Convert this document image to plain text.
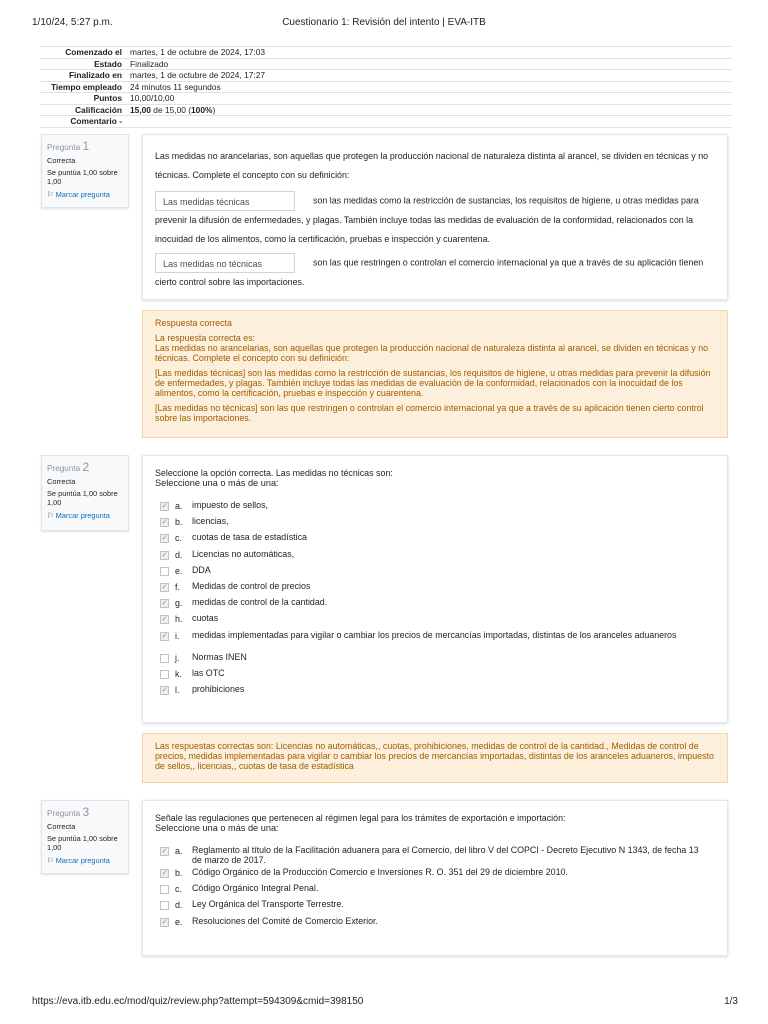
1/10/24, 5:27 p.m.	Cuestionario 1: Revisión del intento | EVA-ITB
Comenzado el	martes, 1 de octubre de 2024, 17:03
Estado	Finalizado
Finalizado en	martes, 1 de octubre de 2024, 17:27
Tiempo empleado	24 minutos 11 segundos
Puntos	10,00/10,00
Calificación	15,00 de 15,00 (100%)
Comentario -	
Pregunta 1
Correcta
Se puntúa 1,00 sobre 1,00
⚐ Marcar pregunta

Las medidas no arancelarias, son aquellas que protegen la producción nacional de naturaleza distinta al arancel, se dividen en técnicas y no técnicas. Complete el concepto con su definición:

Las medidas técnicas	son las medidas como la restricción de sustancias, los requisitos de higiene, u otras medidas para prevenir la difusión de enfermedades, y plagas. También incluye todas las medidas de evaluación de la conformidad, relacionados con la inocuidad de los alimentos, como la certificación, pruebas e inspección y cuarentena.

Las medidas no técnicas	son las que restringen o controlan el comercio internacional ya que a través de su aplicación tienen cierto control sobre las importaciones.

Respuesta correcta

La respuesta correcta es:

Las medidas no arancelarias, son aquellas que protegen la producción nacional de naturaleza distinta al arancel, se dividen en técnicas y no técnicas. Complete el concepto con su definición:

[Las medidas técnicas] son las medidas como la restricción de sustancias, los requisitos de higiene, u otras medidas para prevenir la difusión de enfermedades, y plagas. También incluye todas las medidas de evaluación de la conformidad, relacionados con la inocuidad de los alimentos, como la certificación, pruebas e inspección y cuarentena.

[Las medidas no técnicas] son las que restringen o controlan el comercio internacional ya que a través de su aplicación tienen cierto control sobre las importaciones.

Pregunta 2
Correcta
Se puntúa 1,00 sobre 1,00
⚐ Marcar pregunta

Seleccione la opción correcta. Las medidas no técnicas son:

Seleccione una o más de una:

✓ a. impuesto de sellos,
✓ b. licencias,
✓ c. cuotas de tasa de estadística
✓ d. Licencias no automáticas,
e. DDA
✓ f. Medidas de control de precios
✓ g. medidas de control de la cantidad.
✓ h. cuotas
✓ i. medidas implementadas para vigilar o cambiar los precios de mercancías importadas, distintas de los aranceles aduaneros
j. Normas INEN
k. las OTC
✓ l. prohibiciones

Las respuestas correctas son: Licencias no automáticas,, cuotas, prohibiciones, medidas de control de la cantidad., Medidas de control de precios, medidas implementadas para vigilar o cambiar los precios de mercancías importadas, distintas de los aranceles aduaneros, impuesto de sellos,, licencias,, cuotas de tasa de estadística

Pregunta 3
Correcta
Se puntúa 1,00 sobre 1,00
⚐ Marcar pregunta

Señale las regulaciones que pertenecen al régimen legal para los trámites de exportación e importación:

Seleccione una o más de una:

✓ a. Reglamento al título de la Facilitación aduanera para el Comercio, del libro V del COPCI - Decreto Ejecutivo N 1343, de fecha 13 de marzo de 2017.
✓ b. Código Orgánico de la Producción Comercio e Inversiones R. O. 351 del 29 de diciembre 2010.
c. Código Orgánico Integral Penal.
d. Ley Orgánica del Transporte Terrestre.
✓ e. Resoluciones del Comité de Comercio Exterior.
https://eva.itb.edu.ec/mod/quiz/review.php?attempt=594309&cmid=398150	1/3
